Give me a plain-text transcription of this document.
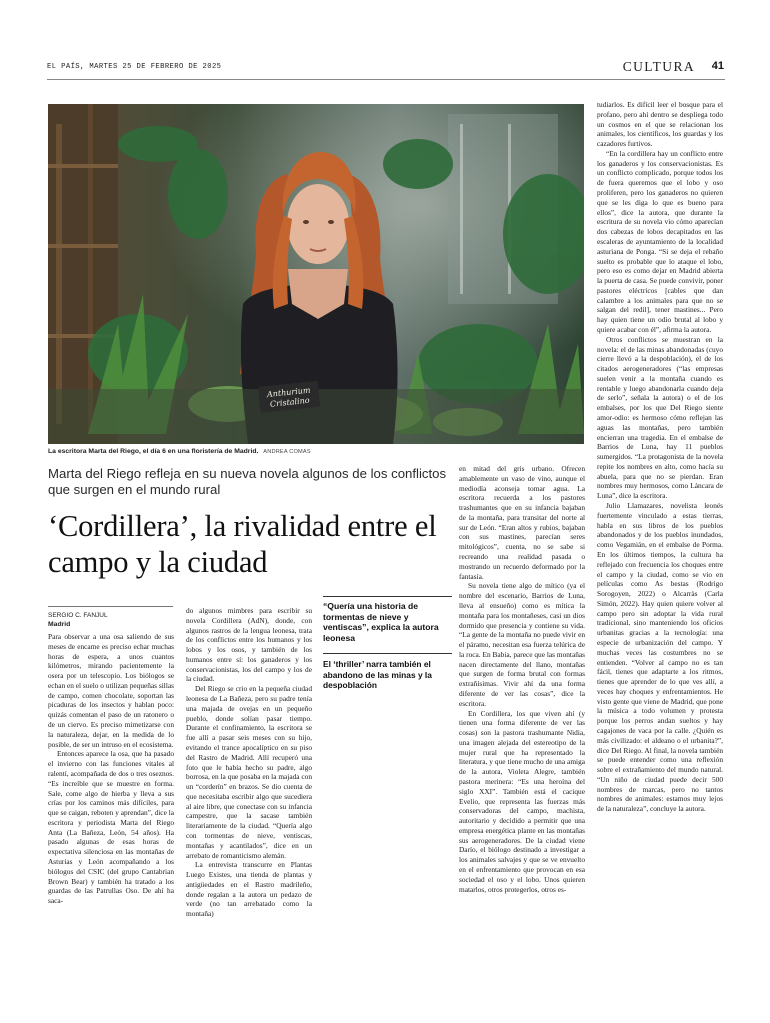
EL PAÍS, MARTES 25 DE FEBRERO DE 2025	CULTURA 41
Anthurium
Cristalino
La escritora Marta del Riego, el día 6 en una floristería de Madrid. ANDREA COMAS
Marta del Riego refleja en su nueva novela algunos de los conflictos que surgen en el mundo rural
‘Cordillera’, la rivalidad entre el campo y la ciudad
SERGIO C. FANJUL
Madrid

Para observar a una osa saliendo de sus meses de encame es preciso echar muchas horas de espera, a unos cuantos kilómetros, mirando pacientemente la osera por un telescopio. Los biólogos se echan en el suelo o utilizan pequeñas sillas de campo, comen chocolate, soportan las picaduras de los insectos y hablan poco: quizás comentan el paso de un ratonero o de un ciervo. Es preciso mimetizarse con la naturaleza, dejar, en la medida de lo posible, de ser un intruso en el ecosistema.

Entonces aparece la osa, que ha pasado el invierno con las funciones vitales al ralentí, acompañada de dos o tres oseznos. “Es increíble que se muestre en forma. Sale, come algo de hierba y lleva a sus crías por los caminos más difíciles, para que se caigan, reboten y aprendan”, dice la escritora y periodista Marta del Riego Anta (La Bañeza, León, 54 años). Ha pasado algunas de esas horas de expectativa silenciosa en las montañas de Asturias y León acompañando a los biólogos del CSIC (del grupo Cantabrian Brown Bear) y también ha tratado a los guardas de las Patrullas Oso. De ahí ha saca-

do algunos mimbres para escribir su novela Cordillera (AdN), donde, con algunos rastros de la lengua leonesa, trata de los conflictos entre los humanos y los lobos y los osos, y también de los humanos entre sí: los ganaderos y los conservacionistas, los del campo y los de la ciudad.

Del Riego se crio en la pequeña ciudad leonesa de La Bañeza, pero su padre tenía una majada de ovejas en un pequeño pueblo, donde solían pasar tiempo. Durante el confinamiento, la escritora se fue allí a pasar seis meses con su hijo, evitando el trance apocalíptico en su piso del Rastro de Madrid. Allí recuperó una foto que le había hecho su padre, algo borrosa, en la que posaba en la majada con un “corderín” en brazos. Se dio cuenta de que necesitaba escribir algo que sucediera al aire libre, que conectase con su infancia campestre, que la sacase también literariamente de la ciudad. “Quería algo con tormentas de nieve, ventiscas, montañas y acantilados”, dice en un arrebato de romanticismo alemán.

La entrevista transcurre en Plantas Luego Existes, una tienda de plantas y antigüedades en el Rastro madrileño, donde regalan a la autora un pedazo de verde (no tan arrebatado como la montaña)

“Quería una historia de tormentas de nieve y ventiscas”, explica la autora leonesa
El ‘thriller’ narra también el abandono de las minas y la despoblación

en mitad del gris urbano. Ofrecen amablemente un vaso de vino, aunque el mediodía aconseja tomar agua. La escritora recuerda a los pastores trashumantes que en su infancia bajaban de la montaña, para transitar del norte al sur de León. “Eran altos y rubios, bajaban con sus mastines, parecían seres mitológicos”, cuenta, no se sabe si recreando una realidad pasada o mostrando un recuerdo deformado por la fantasía.

Su novela tiene algo de mítico (ya el nombre del escenario, Barrios de Luna, lleva al ensueño) como es mítica la montaña para los montañeses, casi un dios dormido que presencia y contiene su vida. “La gente de la montaña no puede vivir en el páramo, necesitan esa fuerza telúrica de la roca. En Babia, parece que las montañas nacen directamente del llano, montañas que surgen de forma brutal con formas extrañísimas. Vivir ahí da una forma diferente de ver las cosas”, dice la escritora.

En Cordillera, los que viven ahí (y tienen una forma diferente de ver las cosas) son la pastora trashumante Nidia, una imagen alejada del estereotipo de la mujer rural que ha representado la literatura, y que tiene mucho de una amiga de la autora, Violeta Alegre, también pastora merinera: “Es una heroína del siglo XXI”. También está el cacique Evelio, que representa las fuerzas más conservadoras del campo, machista, autoritario y decidido a permitir que una empresa energética plante en las montañas sus aerogeneradores. De la ciudad viene Darío, el biólogo destinado a investigar a los animales salvajes y que se ve envuelto en el enfrentamiento que provocan en esa sociedad el oso y el lobo. Unos quieren matarlos, otros protegerlos, otros es-

tudiarlos. Es difícil leer el bosque para el profano, pero ahí dentro se despliega todo un cosmos en el que se relacionan los animales, los científicos, los guardas y los cazadores furtivos.

“En la cordillera hay un conflicto entre los ganaderos y los conservacionistas. Es un conflicto complicado, porque todos los de fuera queremos que el lobo y oso proliferen, pero los ganaderos no quieren que se les diga lo que es bueno para ellos”, dice la autora, que durante la escritura de su novela vio cómo aparecían dos cabezas de lobos decapitados en las escaleras de ayuntamiento de la localidad asturiana de Ponga. “Si se deja el rebaño suelto es probable que lo ataque el lobo, pero eso es como dejar en Madrid abierta la puerta de casa. Se puede convivir, poner pastores eléctricos [cables que dan calambre a los animales para que no se salgan del redil], tener mastines... Pero hay quien tiene un odio brutal al lobo y quiere acabar con él”, afirma la autora.

Otros conflictos se muestran en la novela: el de las minas abandonadas (cuyo cierre llevó a la despoblación), el de los citados aerogeneradores (“las empresas suelen venir a la montaña cuando es rentable y luego abandonarla cuando deja de serlo”, señala la autora) o el de los embalses, por los que Del Riego siente amor-odio: es hermoso cómo reflejan las aguas las montañas, pero también encierran una tragedia. En el embalse de Barrios de Luna, hay 11 pueblos sumergidos. “La protagonista de la novela repite los nombres en alto, como hacía su abuela, para que no se pierdan. Eran nombres muy hermosos, como Láncara de Luna”, dice la escritora.

Julio Llamazares, novelista leonés fuertemente vinculado a estas tierras, habla en sus libros de los pueblos abandonados y de los pueblos inundados, como Vegamián, en el embalse de Porma. En los últimos tiempos, la cultura ha reflejado con frecuencia los choques entre el campo y la ciudad, como se vio en películas como As bestas (Rodrigo Sorogoyen, 2022) o Alcarràs (Carla Simón, 2022). Hay quien quiere volver al campo pero sin adoptar la vida rural tradicional, sino manteniendo los oficios urbanitas gracias a la tecnología: una especie de urbanización del campo. Y muchas veces las costumbres no se entienden. “Volver al campo no es tan fácil, tienes que adaptarte a los ritmos, tienes que aprender de lo que ves allí, a veces hay choques y enfrentamientos. He visto gente que viene de Madrid, que pone la música a todo volumen y protesta porque los perros andan sueltos y hay cagajones de vaca por la calle. ¿Quién es más civilizado: el aldeano o el urbanita?”, dice Del Riego. Al final, la novela también se puede entender como una reflexión sobre el extrañamiento del mundo natural. “Un niño de ciudad puede decir 500 nombres de marcas, pero no tantos nombres de animales: estamos muy lejos de la naturaleza”, concluye la autora.
